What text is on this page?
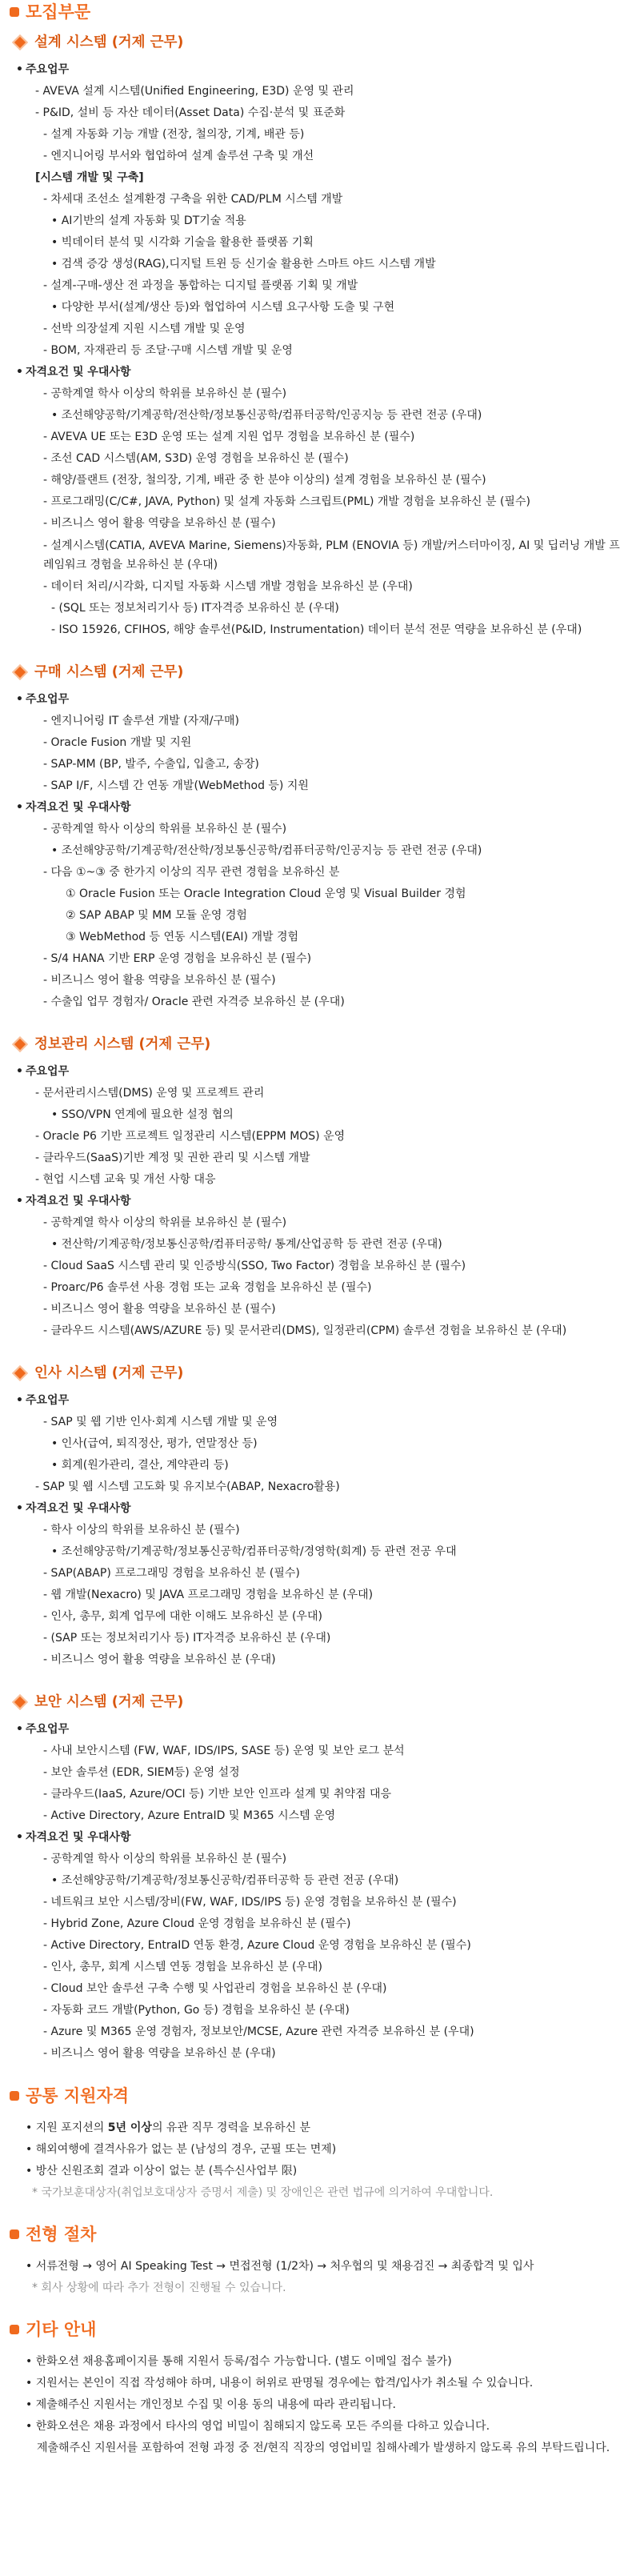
모집부문
설계 시스템 (거제 근무)
• 주요업무
- AVEVA 설계 시스템(Unified Engineering, E3D) 운영 및 관리
- P&ID, 설비 등 자산 데이터(Asset Data) 수집·분석 및 표준화
- 설계 자동화 기능 개발 (전장, 철의장, 기계, 배관 등)
- 엔지니어링 부서와 협업하여 설계 솔루션 구축 및 개선
[시스템 개발 및 구축]
- 차세대 조선소 설계환경 구축을 위한 CAD/PLM 시스템 개발
• AI기반의 설계 자동화 및 DT기술 적용
• 빅데이터 분석 및 시각화 기술을 활용한 플랫폼 기획
• 검색 증강 생성(RAG),디지털 트윈 등 신기술 활용한 스마트 야드 시스템 개발
- 설계-구매-생산 전 과정을 통합하는 디지털 플랫폼 기획 및 개발
• 다양한 부서(설계/생산 등)와 협업하여 시스템 요구사항 도출 및 구현
- 선박 의장설계 지원 시스템 개발 및 운영
- BOM, 자재관리 등 조달·구매 시스템 개발 및 운영
• 자격요건 및 우대사항
- 공학계열 학사 이상의 학위를 보유하신 분 (필수)
• 조선해양공학/기계공학/전산학/정보통신공학/컴퓨터공학/인공지능 등 관련 전공 (우대)
- AVEVA UE 또는 E3D 운영 또는 설계 지원 업무 경험을 보유하신 분 (필수)
- 조선 CAD 시스템(AM, S3D) 운영 경험을 보유하신 분 (필수)
- 해양/플랜트 (전장, 철의장, 기계, 배관 중 한 분야 이상의) 설계 경험을 보유하신 분 (필수)
- 프로그래밍(C/C#, JAVA, Python) 및 설계 자동화 스크립트(PML) 개발 경험을 보유하신 분 (필수)
- 비즈니스 영어 활용 역량을 보유하신 분 (필수)
- 설계시스템(CATIA, AVEVA Marine, Siemens)자동화, PLM (ENOVIA 등) 개발/커스터마이징, AI 및 딥러닝 개발 프레임워크 경험을 보유하신 분 (우대)
- 데이터 처리/시각화, 디지털 자동화 시스템 개발 경험을 보유하신 분 (우대)
- (SQL 또는 정보처리기사 등) IT자격증 보유하신 분 (우대)
- ISO 15926, CFIHOS, 해양 솔루션(P&ID, Instrumentation) 데이터 분석 전문 역량을 보유하신 분 (우대)
구매 시스템 (거제 근무)
• 주요업무
- 엔지니어링 IT 솔루션 개발 (자재/구매)
- Oracle Fusion 개발 및 지원
- SAP-MM (BP, 발주, 수출입, 입출고, 송장)
- SAP I/F, 시스템 간 연동 개발(WebMethod 등) 지원
• 자격요건 및 우대사항
- 공학계열 학사 이상의 학위를 보유하신 분 (필수)
• 조선해양공학/기계공학/전산학/정보통신공학/컴퓨터공학/인공지능 등 관련 전공 (우대)
- 다음 ①~③ 중 한가지 이상의 직무 관련 경험을 보유하신 분
① Oracle Fusion 또는 Oracle Integration Cloud 운영 및 Visual Builder 경험
② SAP ABAP 및 MM 모듈 운영 경험
③ WebMethod 등 연동 시스템(EAI) 개발 경험
- S/4 HANA 기반 ERP 운영 경험을 보유하신 분 (필수)
- 비즈니스 영어 활용 역량을 보유하신 분 (필수)
- 수출입 업무 경험자/ Oracle 관련 자격증 보유하신 분 (우대)
정보관리 시스템 (거제 근무)
• 주요업무
- 문서관리시스템(DMS) 운영 및 프로젝트 관리
• SSO/VPN 연계에 필요한 설정 협의
- Oracle P6 기반 프로젝트 일정관리 시스템(EPPM MOS) 운영
- 클라우드(SaaS)기반 계정 및 권한 관리 및 시스템 개발
- 현업 시스템 교육 및 개선 사항 대응
• 자격요건 및 우대사항
- 공학계열 학사 이상의 학위를 보유하신 분 (필수)
• 전산학/기계공학/정보통신공학/컴퓨터공학/ 통계/산업공학 등 관련 전공 (우대)
- Cloud SaaS 시스템 관리 및 인증방식(SSO, Two Factor) 경험을 보유하신 분 (필수)
- Proarc/P6 솔루션 사용 경험 또는 교육 경험을 보유하신 분 (필수)
- 비즈니스 영어 활용 역량을 보유하신 분 (필수)
- 클라우드 시스템(AWS/AZURE 등) 및 문서관리(DMS), 일정관리(CPM) 솔루션 경험을 보유하신 분 (우대)
인사 시스템 (거제 근무)
• 주요업무
- SAP 및 웹 기반 인사·회계 시스템 개발 및 운영
• 인사(급여, 퇴직정산, 평가, 연말정산 등)
• 회계(원가관리, 결산, 계약관리 등)
- SAP 및 웹 시스템 고도화 및 유지보수(ABAP, Nexacro활용)
• 자격요건 및 우대사항
- 학사 이상의 학위를 보유하신 분 (필수)
• 조선해양공학/기계공학/정보통신공학/컴퓨터공학/경영학(회계) 등 관련 전공 우대
- SAP(ABAP) 프로그래밍 경험을 보유하신 분 (필수)
- 웹 개발(Nexacro) 및 JAVA 프로그래밍 경험을 보유하신 분 (우대)
- 인사, 총무, 회계 업무에 대한 이해도 보유하신 분 (우대)
- (SAP 또는 정보처리기사 등) IT자격증 보유하신 분 (우대)
- 비즈니스 영어 활용 역량을 보유하신 분 (우대)
보안 시스템 (거제 근무)
• 주요업무
- 사내 보안시스템 (FW, WAF, IDS/IPS, SASE 등) 운영 및 보안 로그 분석
- 보안 솔루션 (EDR, SIEM등) 운영 설정
- 클라우드(IaaS, Azure/OCI 등) 기반 보안 인프라 설계 및 취약점 대응
- Active Directory, Azure EntraID 및 M365 시스템 운영
• 자격요건 및 우대사항
- 공학계열 학사 이상의 학위를 보유하신 분 (필수)
• 조선해양공학/기계공학/정보통신공학/컴퓨터공학 등 관련 전공 (우대)
- 네트워크 보안 시스템/장비(FW, WAF, IDS/IPS 등) 운영 경험을 보유하신 분 (필수)
- Hybrid Zone, Azure Cloud 운영 경험을 보유하신 분 (필수)
- Active Directory, EntraID 연동 환경, Azure Cloud 운영 경험을 보유하신 분 (필수)
- 인사, 총무, 회계 시스템 연동 경험을 보유하신 분 (우대)
- Cloud 보안 솔루션 구축 수행 및 사업관리 경험을 보유하신 분 (우대)
- 자동화 코드 개발(Python, Go 등) 경험을 보유하신 분 (우대)
- Azure 및 M365 운영 경험자, 정보보안/MCSE, Azure 관련 자격증 보유하신 분 (우대)
- 비즈니스 영어 활용 역량을 보유하신 분 (우대)
공통 지원자격
• 지원 포지션의 5년 이상의 유관 직무 경력을 보유하신 분
• 해외여행에 결격사유가 없는 분 (남성의 경우, 군필 또는 면제)
• 방산 신원조회 결과 이상이 없는 분 (특수신사업부 限)
* 국가보훈대상자(취업보호대상자 증명서 제출) 및 장애인은 관련 법규에 의거하여 우대합니다.
전형 절차
• 서류전형 → 영어 AI Speaking Test → 면접전형 (1/2차) → 처우협의 및 채용검진 → 최종합격 및 입사
* 회사 상황에 따라 추가 전형이 진행될 수 있습니다.
기타 안내
• 한화오션 채용홈페이지를 통해 지원서 등록/접수 가능합니다. (별도 이메일 접수 불가)
• 지원서는 본인이 직접 작성해야 하며, 내용이 허위로 판명될 경우에는 합격/입사가 취소될 수 있습니다.
• 제출해주신 지원서는 개인정보 수집 및 이용 동의 내용에 따라 관리됩니다.
• 한화오션은 채용 과정에서 타사의 영업 비밀이 침해되지 않도록 모든 주의를 다하고 있습니다.
제출해주신 지원서를 포함하여 전형 과정 중 전/현직 직장의 영업비밀 침해사례가 발생하지 않도록 유의 부탁드립니다.
